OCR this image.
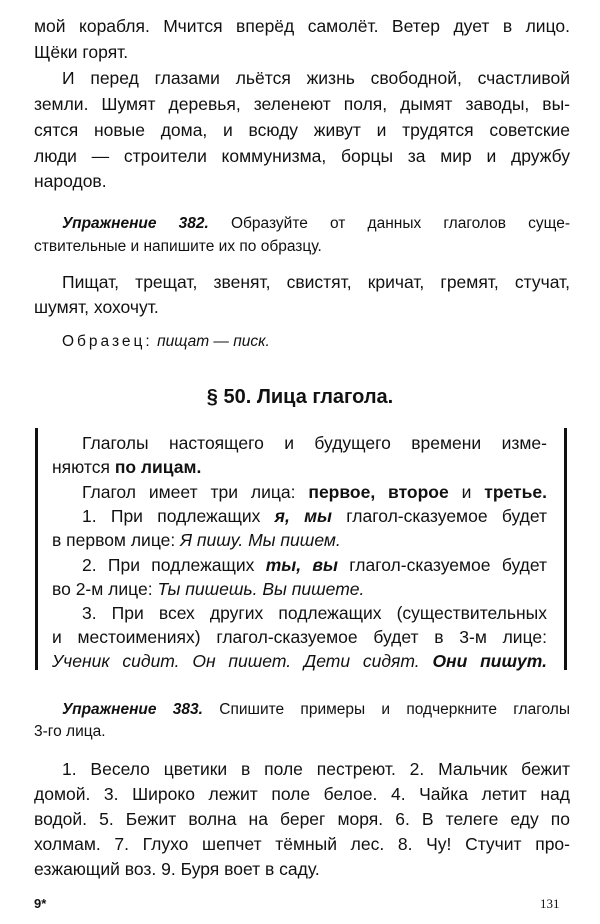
мой корабля. Мчится вперёд самолёт. Ветер дует в лицо.
Щёки горят.
И перед глазами льётся жизнь свободной, счастливой
земли. Шумят деревья, зеленеют поля, дымят заводы, вы-
сятся новые дома, и всюду живут и трудятся советские
люди — строители коммунизма, борцы за мир и дружбу
народов.
Упражнение 382. Образуйте от данных глаголов суще-
ствительные и напишите их по образцу.
Пищат, трещат, звенят, свистят, кричат, гремят, стучат,
шумят, хохочут.
Образец: пищат — писк.
§ 50. Лица глагола.
Глаголы настоящего и будущего времени изме-
няются по лицам.
Глагол имеет три лица: первое, второе и третье.
1. При подлежащих я, мы глагол-сказуемое будет
в первом лице: Я пишу. Мы пишем.
2. При подлежащих ты, вы глагол-сказуемое будет
во 2-м лице: Ты пишешь. Вы пишете.
3. При всех других подлежащих (существительных
и местоимениях) глагол-сказуемое будет в 3-м лице:
Ученик сидит. Он пишет. Дети сидят. Они пишут.
Упражнение 383. Спишите примеры и подчеркните глаголы
3-го лица.
1. Весело цветики в поле пестреют. 2. Мальчик бежит
домой. 3. Широко лежит поле белое. 4. Чайка летит над
водой. 5. Бежит волна на берег моря. 6. В телеге еду по
холмам. 7. Глухо шепчет тёмный лес. 8. Чу! Стучит про-
езжающий воз. 9. Буря воет в саду.
9*	131
